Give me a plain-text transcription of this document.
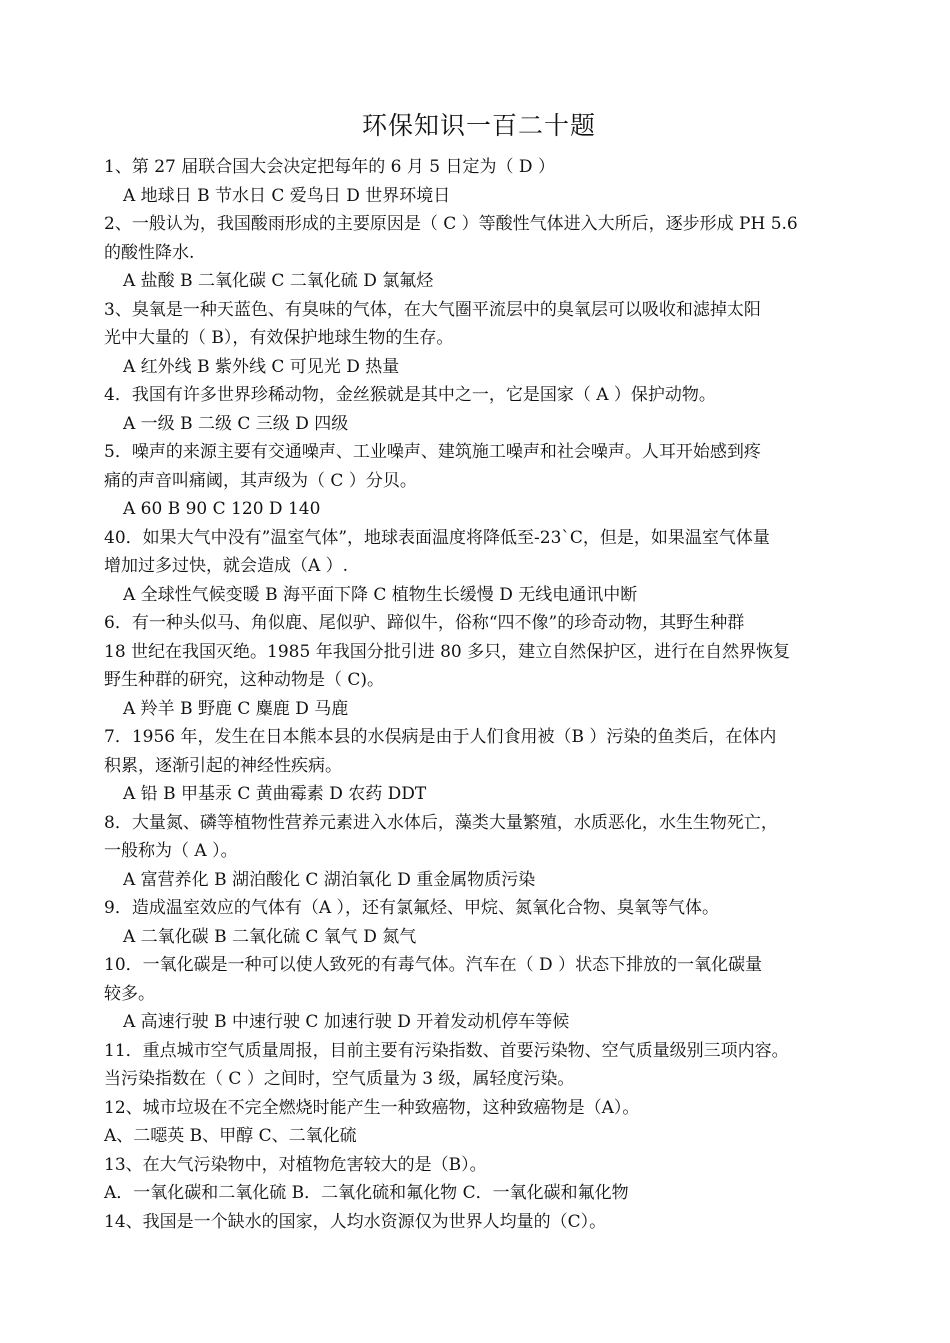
环保知识一百二十题
1、第 27 届联合国大会决定把每年的 6 月 5 日定为（ D ）
A 地球日 B 节水日 C 爱鸟日 D 世界环境日
2、一般认为，我国酸雨形成的主要原因是（ C ）等酸性气体进入大所后，逐步形成 PH 5.6
的酸性降水.
A 盐酸 B 二氧化碳 C 二氧化硫 D 氯氟烃
3、臭氧是一种天蓝色、有臭味的气体，在大气圈平流层中的臭氧层可以吸收和滤掉太阳
光中大量的（ B），有效保护地球生物的生存。
A 红外线 B 紫外线 C 可见光 D 热量
4．我国有许多世界珍稀动物，金丝猴就是其中之一，它是国家（ A ）保护动物。
A 一级 B 二级 C 三级 D 四级
5．噪声的来源主要有交通噪声、工业噪声、建筑施工噪声和社会噪声。人耳开始感到疼
痛的声音叫痛阈，其声级为（ C ）分贝。
A 60 B 90 C 120 D 140
40．如果大气中没有”温室气体”，地球表面温度将降低至-23`C，但是，如果温室气体量
增加过多过快，就会造成（A ）.
A 全球性气候变暖 B 海平面下降 C 植物生长缓慢 D 无线电通讯中断
6．有一种头似马、角似鹿、尾似驴、蹄似牛，俗称“四不像”的珍奇动物，其野生种群
18 世纪在我国灭绝。1985 年我国分批引进 80 多只，建立自然保护区，进行在自然界恢复
野生种群的研究，这种动物是（ C)。
A 羚羊 B 野鹿 C 麋鹿 D 马鹿
7．1956 年，发生在日本熊本县的水俣病是由于人们食用被（B ）污染的鱼类后，在体内
积累，逐渐引起的神经性疾病。
A 铅 B 甲基汞 C 黄曲霉素 D 农药 DDT
8．大量氮、磷等植物性营养元素进入水体后，藻类大量繁殖，水质恶化，水生生物死亡，
一般称为（ A ）。
A 富营养化 B 湖泊酸化 C 湖泊氧化 D 重金属物质污染
9．造成温室效应的气体有（A ），还有氯氟烃、甲烷、氮氧化合物、臭氧等气体。
A 二氧化碳 B 二氧化硫 C 氧气 D 氮气
10．一氧化碳是一种可以使人致死的有毒气体。汽车在（ D ）状态下排放的一氧化碳量
较多。
A 高速行驶 B 中速行驶 C 加速行驶 D 开着发动机停车等候
11．重点城市空气质量周报，目前主要有污染指数、首要污染物、空气质量级别三项内容。
当污染指数在（ C ）之间时，空气质量为 3 级，属轻度污染。
12、城市垃圾在不完全燃烧时能产生一种致癌物，这种致癌物是（A）。
A、二噁英 B、甲醇 C、二氧化硫
13、在大气污染物中，对植物危害较大的是（B）。
A．一氧化碳和二氧化硫 B．二氧化硫和氟化物 C．一氧化碳和氟化物
14、我国是一个缺水的国家，人均水资源仅为世界人均量的（C）。
